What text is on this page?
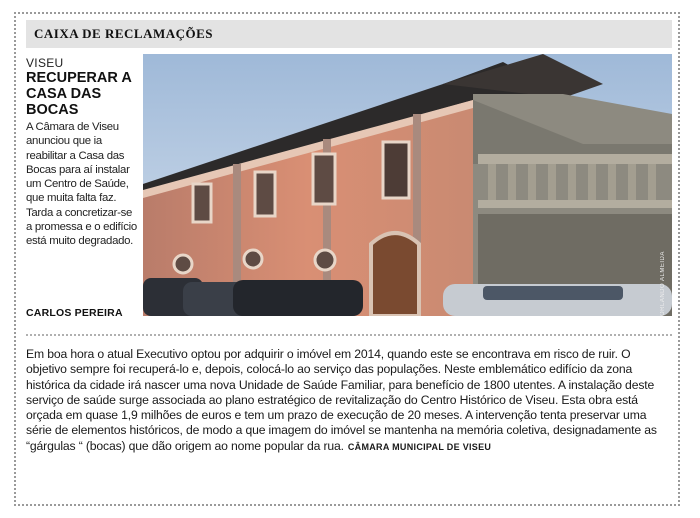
CAIXA DE RECLAMAÇÕES
VISEU
RECUPERAR A CASA DAS BOCAS
A Câmara de Viseu anunciou que ia reabilitar a Casa das Bocas para aí instalar um Centro de Saúde, que muita falta faz. Tarda a concretizar-se a promessa e o edifício está muito degradado.
CARLOS PEREIRA	ORLANDO ALMEIDA
Em boa hora o atual Executivo optou por adquirir o imóvel em 2014, quando este se encontrava em risco de ruir. O objetivo sempre foi recuperá-lo e, depois, colocá-lo ao serviço das populações. Neste emblemático edifício da zona histórica da cidade irá nascer uma nova Unidade de Saúde Familiar, para benefício de 1800 utentes. A instalação deste serviço de saúde surge associada ao plano estratégico de revitalização do Centro Histórico de Viseu. Esta obra está orçada em quase 1,9 milhões de euros e tem um prazo de execução de 20 meses. A intervenção tenta preservar uma série de elementos históricos, de modo a que imagem do imóvel se mantenha na memória coletiva, designadamente as “gárgulas “ (bocas) que dão origem ao nome popular da rua. CÂMARA MUNICIPAL DE VISEU
